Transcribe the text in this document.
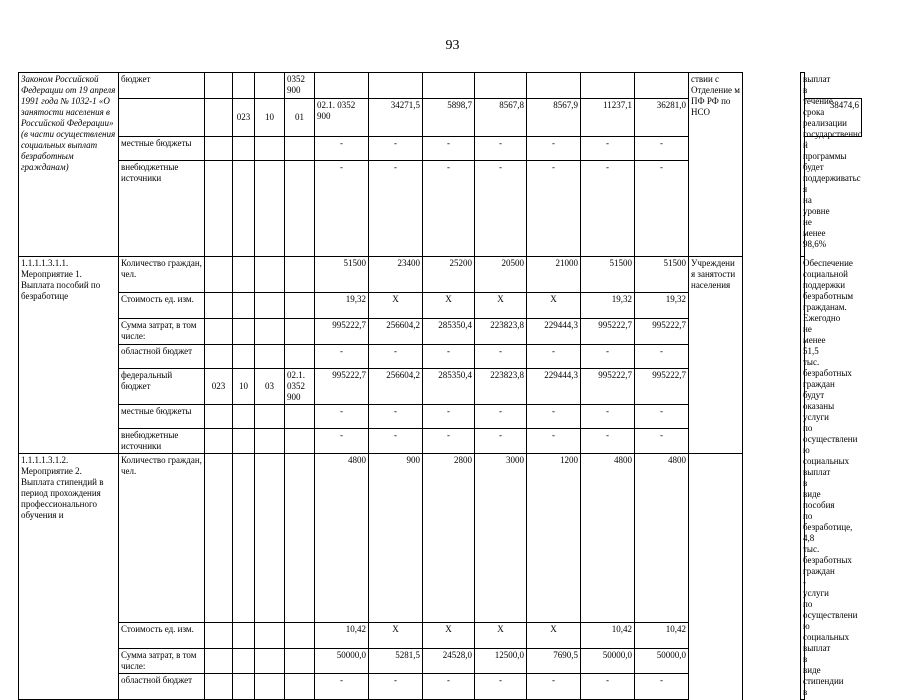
93
Законом Российской Федерации от 19 апреля 1991 года № 1032-1 «О занятости населения в Российской Федерации» (в части осуществления социальных выплат безработным гражданам)	бюджет				0352 900								ствии с Отделение м ПФ РФ по НСО		выплат в течение срока реализации государственно й программы будет поддерживатьс я на уровне не менее 98,6%	
			023	10	01	02.1. 0352 900	34271,5	5898,7	8567,8	8567,9	11237,1	36281,0				38474,6
	местные бюджеты					-	-	-	-	-	-	-				
	внебюджетные источники					-	-	-	-	-	-	-				

1.1.1.1.3.1.1. Мероприятие 1. Выплата пособий по безработице	Количество граждан, чел.					51500	23400	25200	20500	21000	51500	51500	Учреждени я занятости населения		Обеспечение социальной поддержки безработным гражданам. Ежегодно не менее 51,5 тыс. безработных граждан будут оказаны услуги по осуществлени ю социальных выплат в виде пособия по безработице, 4,8 тыс. безработных граждан - услуги по осуществлени ю социальных выплат в виде стипендии в	
	Стоимость ед. изм.					19,32	X	X	X	X	19,32	19,32				
	Сумма затрат, в том числе:					995222,7	256604,2	285350,4	223823,8	229444,3	995222,7	995222,7				
	областной бюджет					-	-	-	-	-	-	-				
	федеральный бюджет	023	10	03	02.1. 0352 900	995222,7	256604,2	285350,4	223823,8	229444,3	995222,7	995222,7				
	местные бюджеты					-	-	-	-	-	-	-				
	внебюджетные источники					-	-	-	-	-	-	-				
1.1.1.1.3.1.2. Мероприятие 2. Выплата стипендий в период прохождения профессионального обучения и	Количество граждан, чел.					4800	900	2800	3000	1200	4800	4800				
	Стоимость ед. изм.					10,42	X	X	X	X	10,42	10,42				
	Сумма затрат, в том числе:					50000,0	5281,5	24528,0	12500,0	7690,5	50000,0	50000,0				
	областной бюджет					-	-	-	-	-	-	-				
